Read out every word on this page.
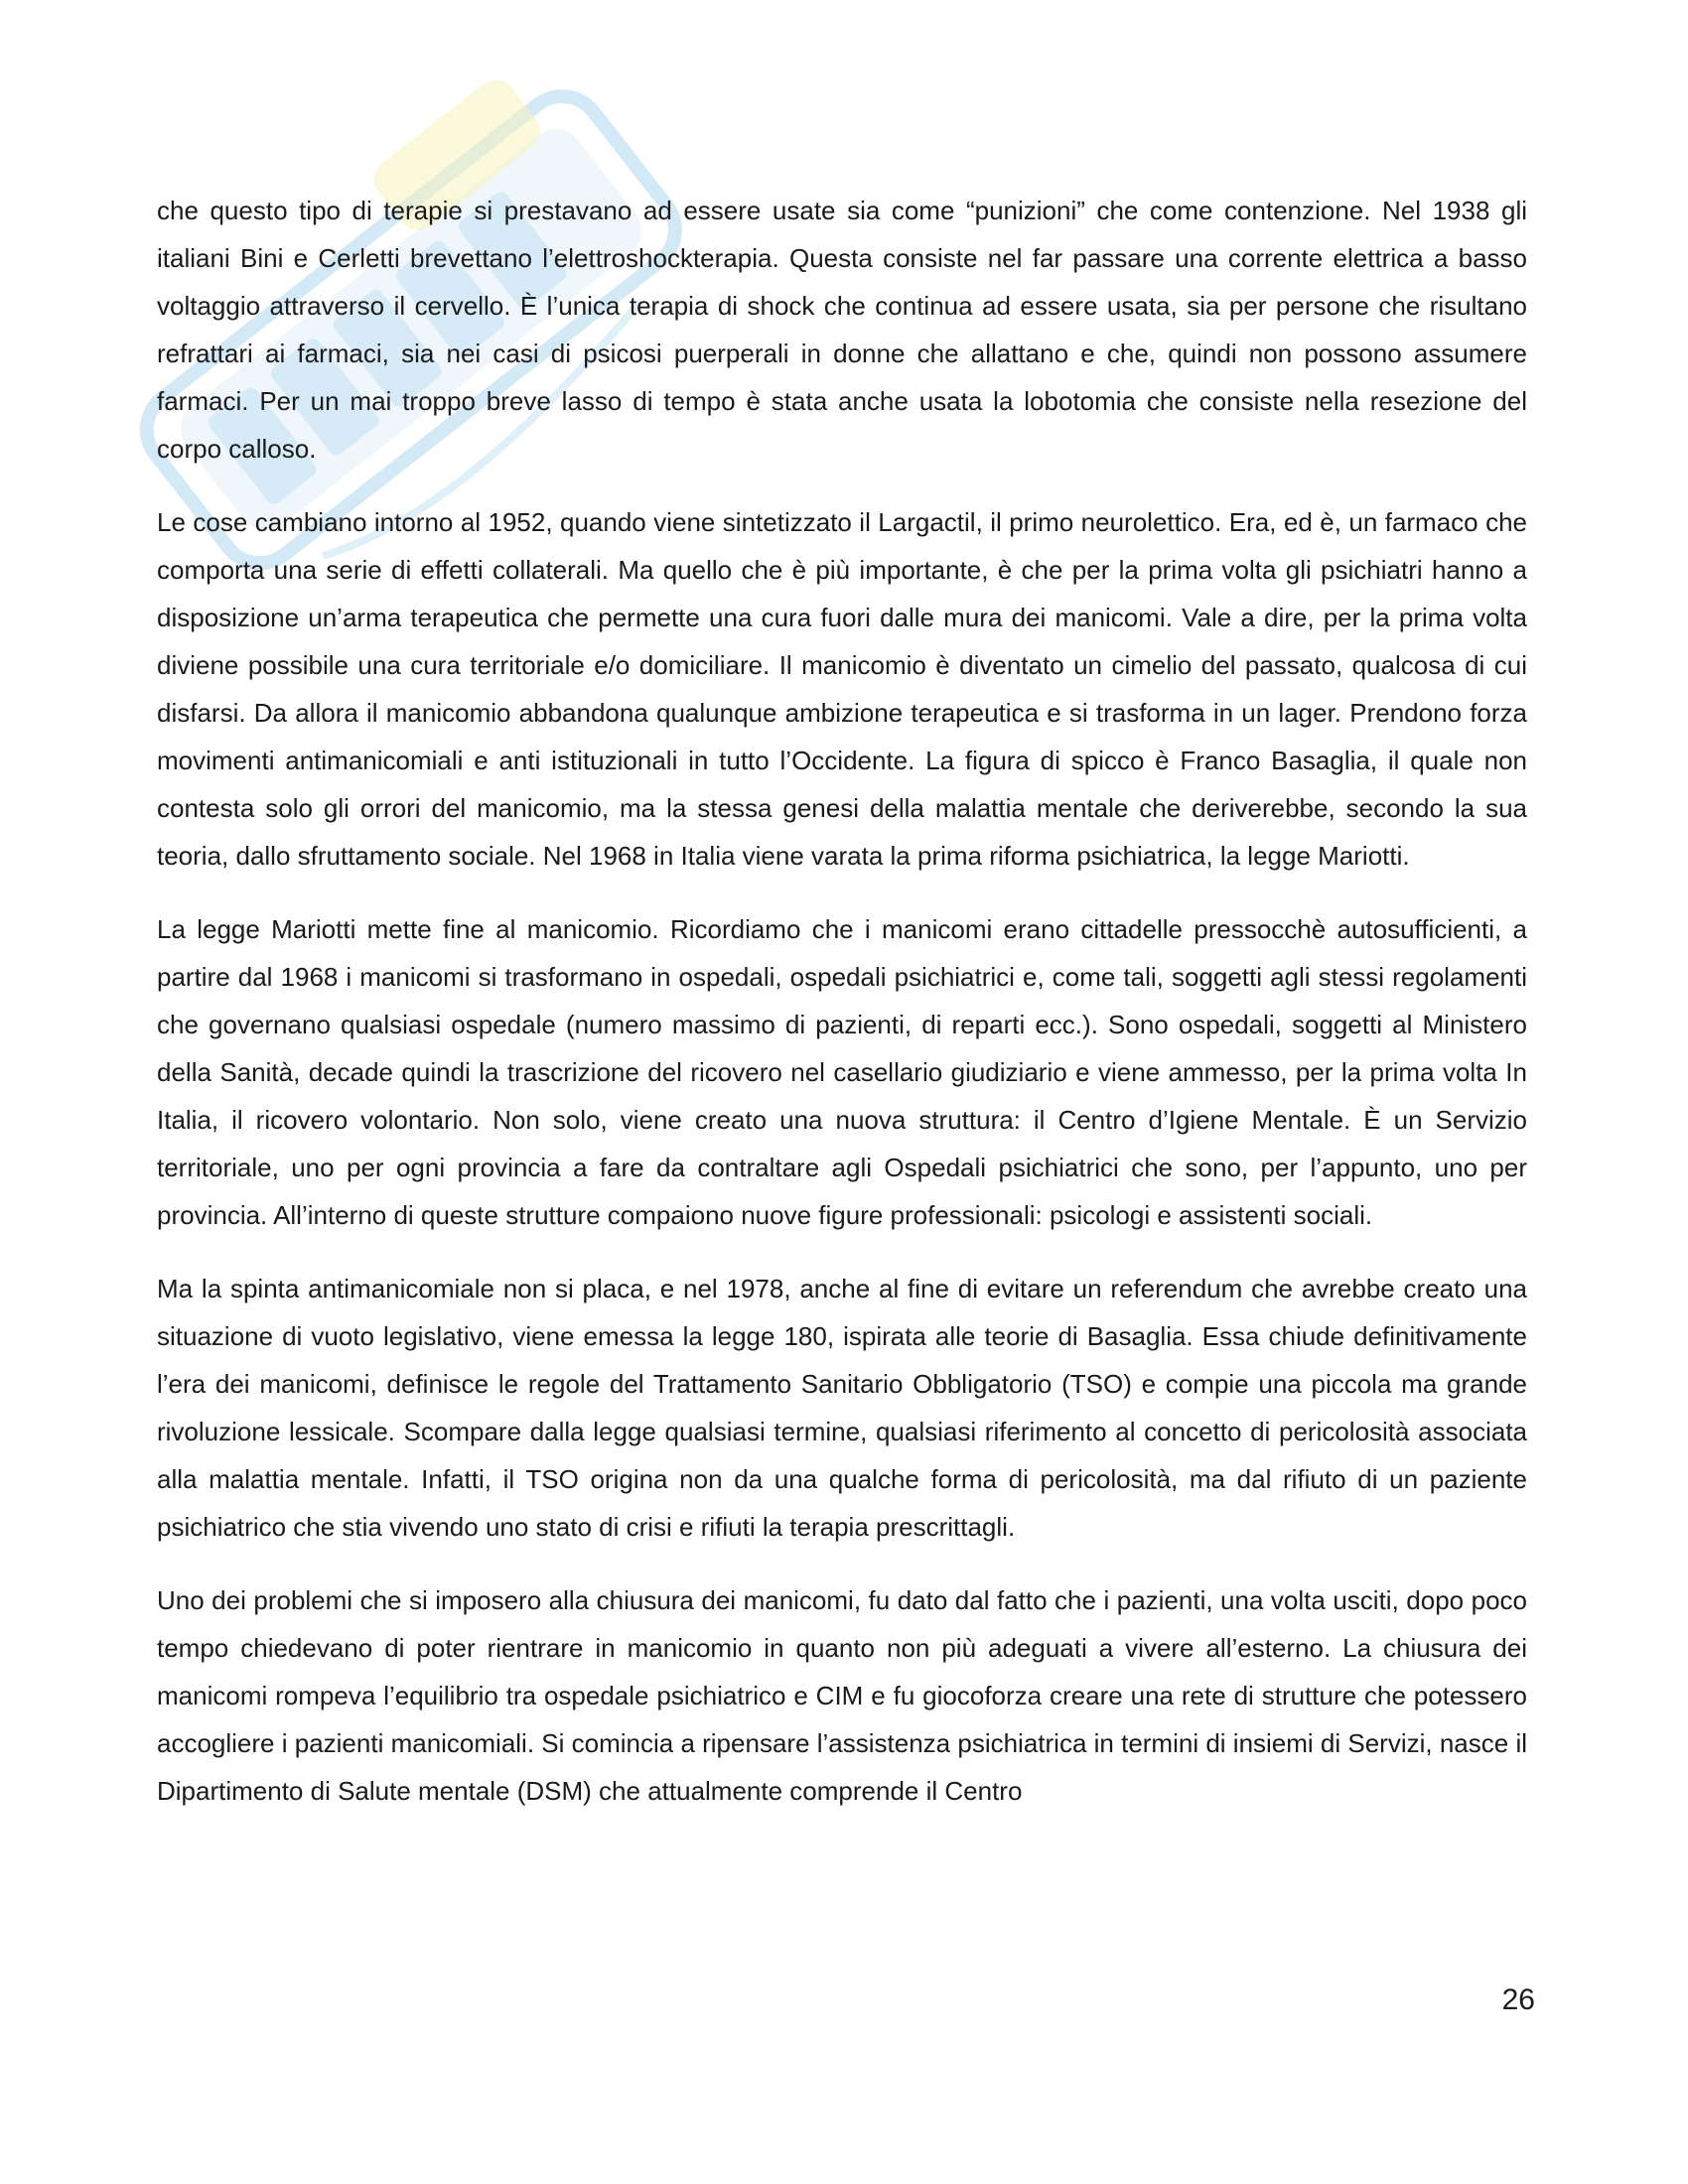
che questo tipo di terapie si prestavano ad essere usate sia come “punizioni” che come contenzione. Nel 1938 gli italiani Bini e Cerletti brevettano l’elettroshockterapia. Questa consiste nel far passare una corrente elettrica a basso voltaggio attraverso il cervello. È l’unica terapia di shock che continua ad essere usata, sia per persone che risultano refrattari ai farmaci, sia nei casi di psicosi puerperali in donne che allattano e che, quindi non possono assumere farmaci. Per un mai troppo breve lasso di tempo è stata anche usata la lobotomia che consiste nella resezione del corpo calloso.

Le cose cambiano intorno al 1952, quando viene sintetizzato il Largactil, il primo neurolettico. Era, ed è, un farmaco che comporta una serie di effetti collaterali. Ma quello che è più importante, è che per la prima volta gli psichiatri hanno a disposizione un’arma terapeutica che permette una cura fuori dalle mura dei manicomi. Vale a dire, per la prima volta diviene possibile una cura territoriale e/o domiciliare. Il manicomio è diventato un cimelio del passato, qualcosa di cui disfarsi. Da allora il manicomio abbandona qualunque ambizione terapeutica e si trasforma in un lager. Prendono forza movimenti antimanicomiali e anti istituzionali in tutto l’Occidente. La figura di spicco è Franco Basaglia, il quale non contesta solo gli orrori del manicomio, ma la stessa genesi della malattia mentale che deriverebbe, secondo la sua teoria, dallo sfruttamento sociale. Nel 1968 in Italia viene varata la prima riforma psichiatrica, la legge Mariotti.

La legge Mariotti mette fine al manicomio. Ricordiamo che i manicomi erano cittadelle pressocchè autosufficienti, a partire dal 1968 i manicomi si trasformano in ospedali, ospedali psichiatrici e, come tali, soggetti agli stessi regolamenti che governano qualsiasi ospedale (numero massimo di pazienti, di reparti ecc.). Sono ospedali, soggetti al Ministero della Sanità, decade quindi la trascrizione del ricovero nel casellario giudiziario e viene ammesso, per la prima volta In Italia, il ricovero volontario. Non solo, viene creato una nuova struttura: il Centro d’Igiene Mentale. È un Servizio territoriale, uno per ogni provincia a fare da contraltare agli Ospedali psichiatrici che sono, per l’appunto, uno per provincia. All’interno di queste strutture compaiono nuove figure professionali: psicologi e assistenti sociali.

Ma la spinta antimanicomiale non si placa, e nel 1978, anche al fine di evitare un referendum che avrebbe creato una situazione di vuoto legislativo, viene emessa la legge 180, ispirata alle teorie di Basaglia. Essa chiude definitivamente l’era dei manicomi, definisce le regole del Trattamento Sanitario Obbligatorio (TSO) e compie una piccola ma grande rivoluzione lessicale. Scompare dalla legge qualsiasi termine, qualsiasi riferimento al concetto di pericolosità associata alla malattia mentale. Infatti, il TSO origina non da una qualche forma di pericolosità, ma dal rifiuto di un paziente psichiatrico che stia vivendo uno stato di crisi e rifiuti la terapia prescrittagli.

Uno dei problemi che si imposero alla chiusura dei manicomi, fu dato dal fatto che i pazienti, una volta usciti, dopo poco tempo chiedevano di poter rientrare in manicomio in quanto non più adeguati a vivere all’esterno. La chiusura dei manicomi rompeva l’equilibrio tra ospedale psichiatrico e CIM e fu giocoforza creare una rete di strutture che potessero accogliere i pazienti manicomiali. Si comincia a ripensare l’assistenza psichiatrica in termini di insiemi di Servizi, nasce il Dipartimento di Salute mentale (DSM) che attualmente comprende il Centro

26
